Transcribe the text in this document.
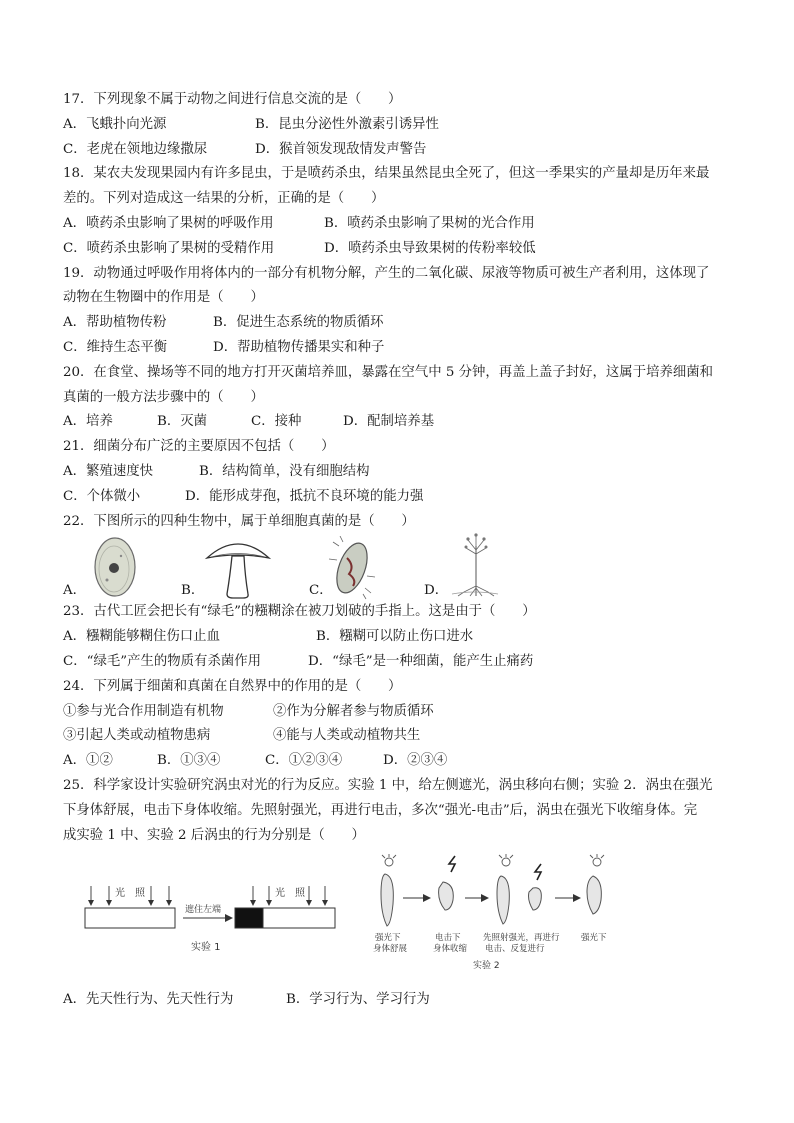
17．下列现象不属于动物之间进行信息交流的是（　　）
A．飞蛾扑向光源	B．昆虫分泌性外激素引诱异性
C．老虎在领地边缘撒尿	D．猴首领发现敌情发声警告
18．某农夫发现果园内有许多昆虫，于是喷药杀虫，结果虽然昆虫全死了，但这一季果实的产量却是历年来最
差的。下列对造成这一结果的分析，正确的是（　　）
A．喷药杀虫影响了果树的呼吸作用	B．喷药杀虫影响了果树的光合作用
C．喷药杀虫影响了果树的受精作用	D．喷药杀虫导致果树的传粉率较低
19．动物通过呼吸作用将体内的一部分有机物分解，产生的二氧化碳、尿液等物质可被生产者利用，这体现了
动物在生物圈中的作用是（　　）
A．帮助植物传粉	B．促进生态系统的物质循环
C．维持生态平衡	D．帮助植物传播果实和种子
20．在食堂、操场等不同的地方打开灭菌培养皿，暴露在空气中 5 分钟，再盖上盖子封好，这属于培养细菌和
真菌的一般方法步骤中的（　　）
A．培养	B．灭菌	C．接种	D．配制培养基
21．细菌分布广泛的主要原因不包括（　　）
A．繁殖速度快	B．结构简单，没有细胞结构
C．个体微小	D．能形成芽孢，抵抗不良环境的能力强
22．下图所示的四种生物中，属于单细胞真菌的是（　　）
A．	B．	C．	D．
23．古代工匠会把长有“绿毛”的糨糊涂在被刀划破的手指上。这是由于（　　）
A．糨糊能够糊住伤口止血	B．糨糊可以防止伤口进水
C．“绿毛”产生的物质有杀菌作用	D．“绿毛”是一种细菌，能产生止痛药
24．下列属于细菌和真菌在自然界中的作用的是（　　）
①参与光合作用制造有机物	②作为分解者参与物质循环
③引起人类或动植物患病	④能与人类或动植物共生
A．①②	B．①③④	C．①②③④	D．②③④
25．科学家设计实验研究涡虫对光的行为反应。实验 1 中，给左侧遮光，涡虫移向右侧；实验 2．涡虫在强光
下身体舒展，电击下身体收缩。先照射强光，再进行电击，多次“强光-电击”后，涡虫在强光下收缩身体。完
成实验 1 中、实验 2 后涡虫的行为分别是（　　）
光　照
遮住左端
光　照
实验 1
强光下
身体舒展
电击下
身体收缩
先照射强光，再进行
电击、反复进行
强光下
实验 2
A．先天性行为、先天性行为	B．学习行为、学习行为
